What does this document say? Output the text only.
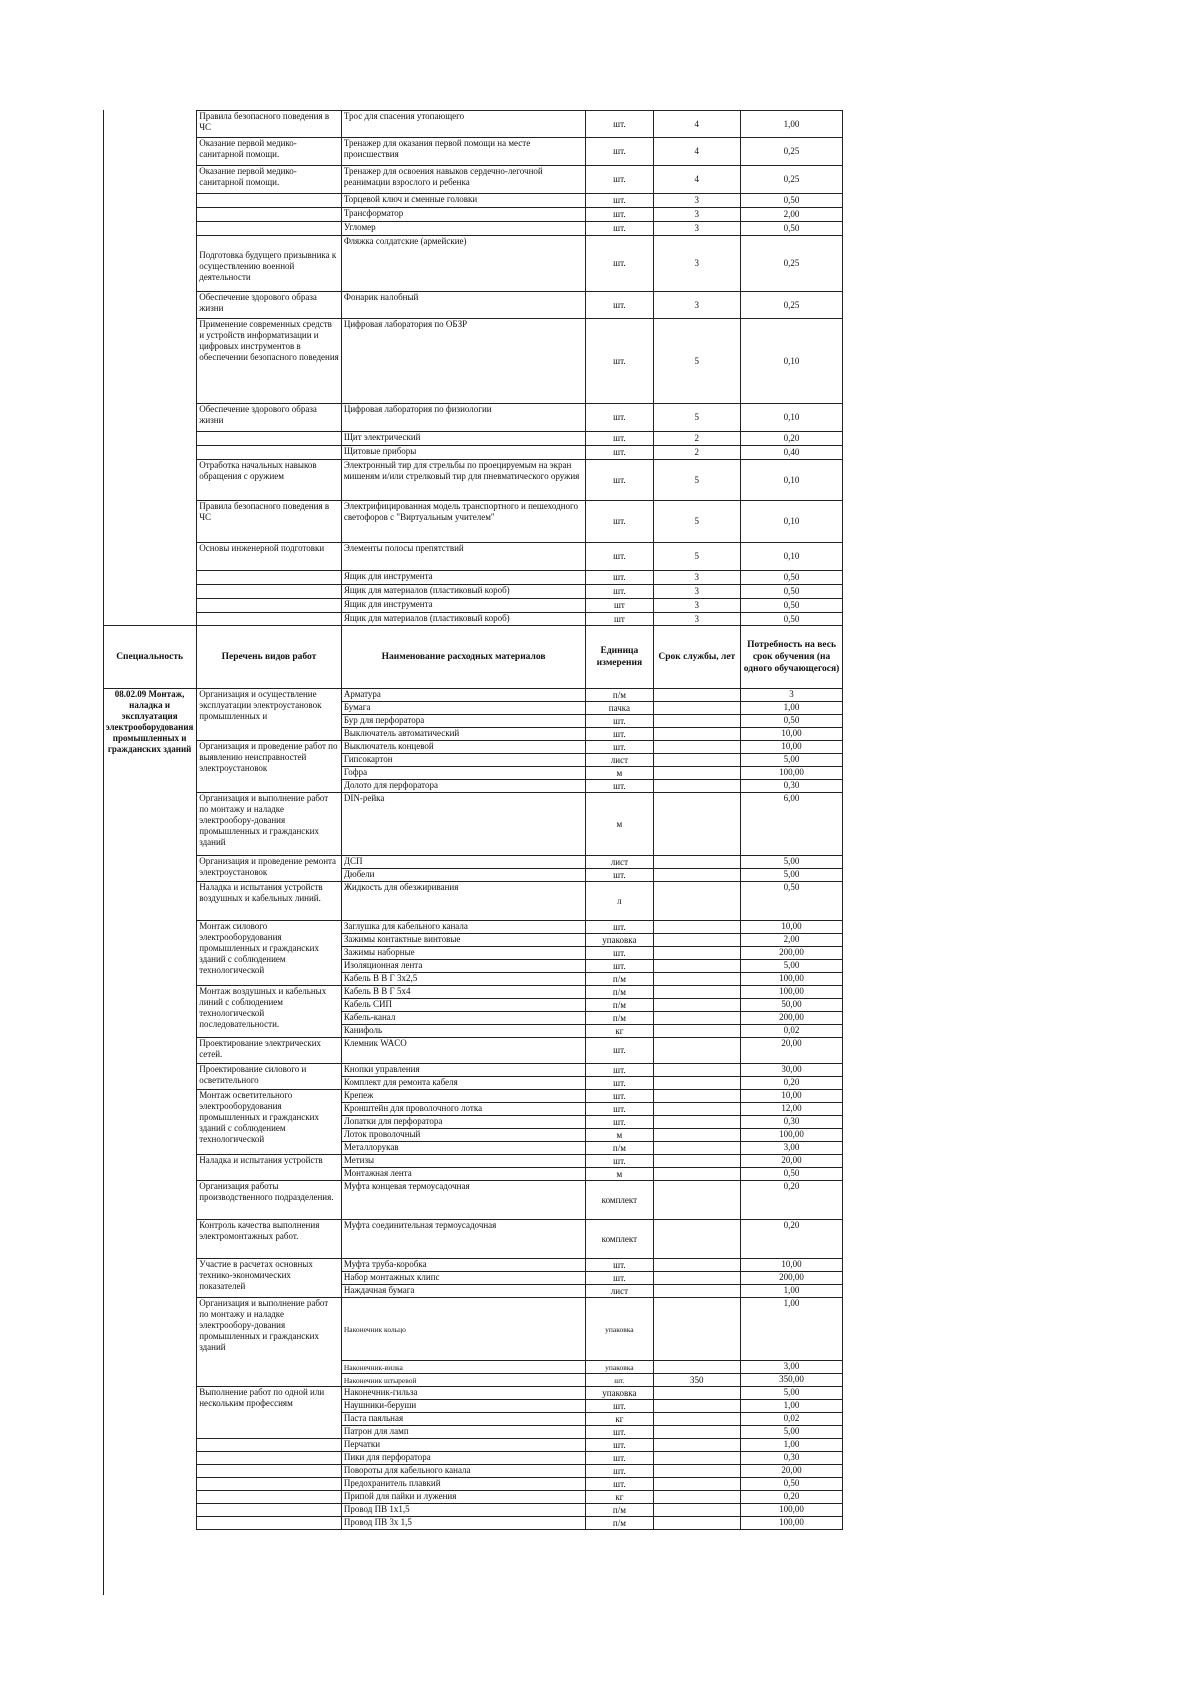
	Правила безопасного поведения в ЧС	Трос для спасения утопающего	шт.	4	1,00
	Оказание первой медико-санитарной помощи.	Тренажер для оказания первой помощи на месте происшествия	шт.	4	0,25
	Оказание первой медико-санитарной помощи.	Тренажер для освоения навыков сердечно-легочной реанимации взрослого и ребенка	шт.	4	0,25
		Торцевой ключ и сменные головки	шт.	3	0,50
		Трансформатор	шт.	3	2,00
		Угломер	шт.	3	0,50
	Подготовка будущего призывника к осуществлению военной деятельности	Фляжка солдатские (армейские)	шт.	3	0,25
	Обеспечение здорового образа жизни	Фонарик налобный	шт.	3	0,25
	Применение современных средств и устройств информатизации и цифровых инструментов в обеспечении безопасного поведения	Цифровая лаборатория по ОБЗР	шт.	5	0,10
	Обеспечение здорового образа жизни	Цифровая лаборатория по физиологии	шт.	5	0,10
		Щит электрический	шт.	2	0,20
		Щитовые приборы	шт.	2	0,40
	Отработка начальных навыков обращения с оружием	Электронный тир для стрельбы по проецируемым на экран мишеням и/или стрелковый тир для пневматического оружия	шт.	5	0,10
	Правила безопасного поведения в ЧС	Электрифицированная модель транспортного и пешеходного светофоров с "Виртуальным учителем"	шт.	5	0,10
	Основы инженерной подготовки	Элементы полосы препятствий	шт.	5	0,10
		Ящик для инструмента	шт.	3	0,50
		Ящик для материалов (пластиковый короб)	шт.	3	0,50
		Ящик для инструмента	шт	3	0,50
		Ящик для материалов (пластиковый короб)	шт	3	0,50
Специальность	Перечень видов работ	Наименование расходных материалов	Единица измерения	Срок службы, лет	Потребность на весь срок обучения (на одного обучающегося)
08.02.09 Монтаж, наладка и эксплуатация электрооборудования промышленных и гражданских зданий	Организация и осуществление эксплуатации электроустановок промышленных и	Арматура	п/м		3
		Бумага	пачка		1,00
		Бур для перфоратора	шт.		0,50
		Выключатель автоматический	шт.		10,00
	Организация и проведение работ по выявлению неисправностей электроустановок	Выключатель концевой	шт.		10,00
		Гипсокартон	лист		5,00
		Гофра	м		100,00
		Долото для перфоратора	шт.		0,30
	Организация и выполнение работ по монтажу и наладке электрообору-дования промышленных и гражданских зданий	DIN-рейка	м		6,00
	Организация и проведение ремонта электроустановок	ДСП	лист		5,00
		Дюбели	шт.		5,00
	Наладка и испытания устройств воздушных и кабельных линий.	Жидкость для обезжиривания	л		0,50
	Монтаж силового электрооборудования промышленных и гражданских зданий с соблюдением технологической	Заглушка для кабельного канала	шт.		10,00
		Зажимы контактные винтовые	упаковка		2,00
		Зажимы наборные	шт.		200,00
		Изоляционная лента	шт.		5,00
		Кабель В В Г 3х2,5	п/м		100,00
	Монтаж воздушных и кабельных линий с соблюдением технологической последовательности.	Кабель В В Г 5х4	п/м		100,00
		Кабель СИП	п/м		50,00
		Кабель-канал	п/м		200,00
		Канифоль	кг		0,02
	Проектирование электрических сетей.	Клемник WACO	шт.		20,00
	Проектирование силового и осветительного	Кнопки управления	шт.		30,00
		Комплект для ремонта кабеля	шт.		0,20
	Монтаж осветительного электрооборудования промышленных и гражданских зданий с соблюдением технологической	Крепеж	шт.		10,00
		Кронштейн для проволочного лотка	шт.		12,00
		Лопатки для перфоратора	шт.		0,30
		Лоток проволочный	м		100,00
		Металлорукав	п/м		3,00
	Наладка и испытания устройств	Метизы	шт.		20,00
		Монтажная лента	м		0,50
	Организация работы производственного подразделения.	Муфта концевая термоусадочная	комплект		0,20
	Контроль качества выполнения электромонтажных работ.	Муфта соединительная термоусадочная	комплект		0,20
	Участие в расчетах основных технико-экономических показателей	Муфта труба-коробка	шт.		10,00
		Набор монтажных клипс	шт.		200,00
		Наждачная бумага	лист		1,00
	Организация и выполнение работ по монтажу и наладке электрообору-дования промышленных и гражданских зданий	Наконечник кольцо	упаковка		1,00
		Наконечник-вилка	упаковка		3,00
		Наконечник штыревой	шт.	350	350,00
	Выполнение работ по одной или нескольким профессиям	Наконечник-гильза	упаковка		5,00
		Наушники-беруши	шт.		1,00
		Паста паяльная	кг		0,02
		Патрон для ламп	шт.		5,00
		Перчатки	шт.		1,00
		Пики для перфоратора	шт.		0,30
		Повороты для кабельного канала	шт.		20,00
		Предохранитель плавкий	шт.		0,50
		Припой для пайки и лужения	кг		0,20
		Провод ПВ 1х1,5	п/м		100,00
		Провод ПВ 3х 1,5	п/м		100,00
